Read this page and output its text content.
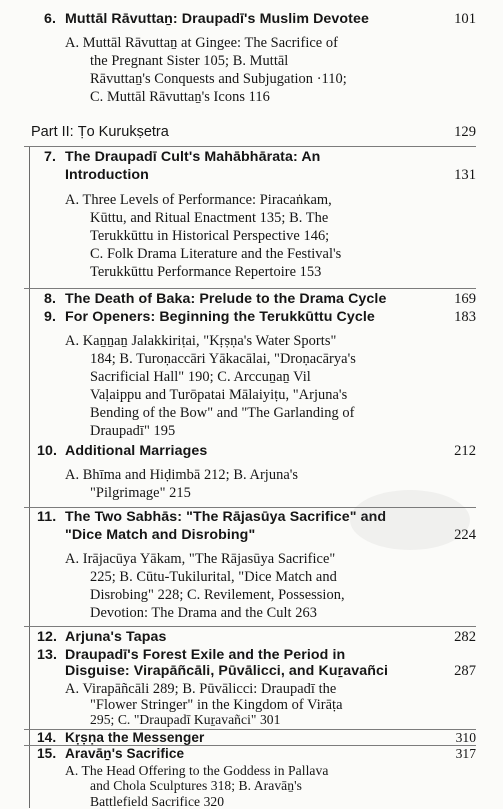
6. Muttāl Rāvuttaṉ: Draupadī's Muslim Devotee	101
A. Muttāl Rāvuttaṉ at Gingee: The Sacrifice of
the Pregnant Sister 105; B. Muttāl
Rāvuttaṉ's Conquests and Subjugation ·110;
C. Muttāl Rāvuttaṉ's Icons 116
Part II: Ṭo Kurukṣetra	129
7. The Draupadī Cult's Mahābhārata: An
Introduction	131
A. Three Levels of Performance: Piracaṅkam,
Kūttu, and Ritual Enactment 135; B. The
Terukkūttu in Historical Perspective 146;
C. Folk Drama Literature and the Festival's
Terukkūttu Performance Repertoire 153
8. The Death of Baka: Prelude to the Drama Cycle	169
9. For Openers: Beginning the Terukkūttu Cycle	183
A. Kaṉṉaṉ Jalakkiriṭai, "Kṛṣṇa's Water Sports"
184; B. Turoṇaccāri Yākacālai, "Droṇacārya's
Sacrificial Hall" 190; C. Arccuṉaṉ Vil
Vaḷaippu and Turōpatai Mālaiyiṭu, "Arjuna's
Bending of the Bow" and "The Garlanding of
Draupadī" 195
10. Additional Marriages	212
A. Bhīma and Hiḍimbā 212; B. Arjuna's
"Pilgrimage" 215
11. The Two Sabhās: "The Rājasūya Sacrifice" and
"Dice Match and Disrobing"	224
A. Irājacūya Yākam, "The Rājasūya Sacrifice"
225; B. Cūtu-Tukilurital, "Dice Match and
Disrobing" 228; C. Revilement, Possession,
Devotion: The Drama and the Cult 263
12. Arjuna's Tapas	282
13. Draupadī's Forest Exile and the Period in
Disguise: Virapāñcāli, Pūvālicci, and Kuṟavañci	287
A. Virapāñcāli 289; B. Pūvālicci: Draupadī the
"Flower Stringer" in the Kingdom of Virāṭa
295; C. "Draupadī Kuṟavañci" 301
14. Kṛṣṇa the Messenger	310
15. Aravāṉ's Sacrifice	317
A. The Head Offering to the Goddess in Pallava
and Chola Sculptures 318; B. Aravāṉ's
Battlefield Sacrifice 320
